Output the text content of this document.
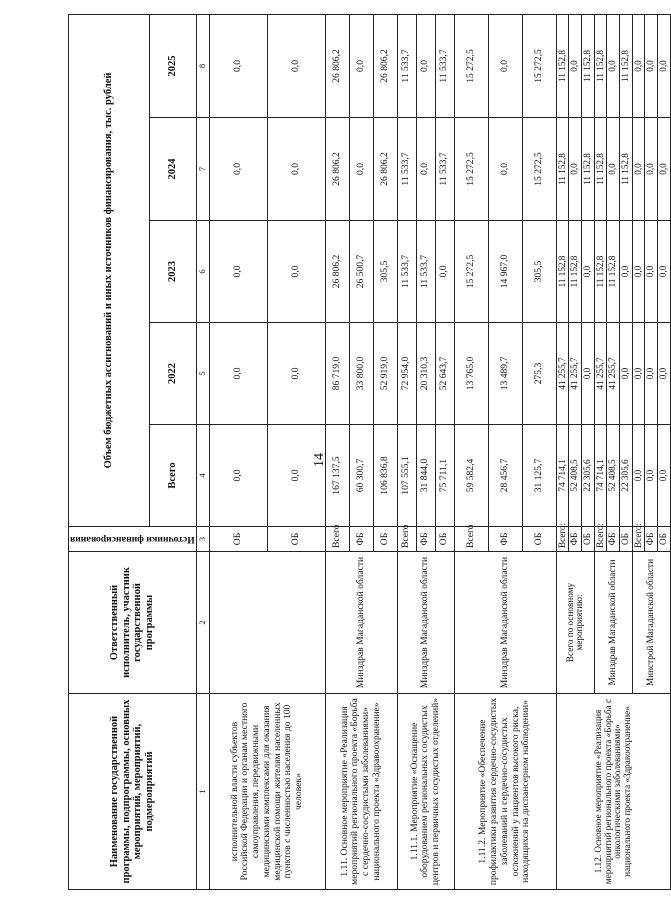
14
Наименование государственной программы, подпрограммы, основных мероприятий, мероприятий, подмероприятий	Ответственный исполнитель, участник государственной программы	Источники финансирования	Объем бюджетных ассигнований и иных источников финансирования, тыс. рублей				
			Всего	2022	2023	2024	2025
1	2	3	4	5	6	7	8
исполнительной власти субъектов Российской Федерации и органам местного самоуправления, передвижными медицинскими комплексами для оказания медицинской помощи жителям населенных пунктов с численностью населения до 100 человек»		ОБ	0,0	0,0	0,0	0,0	0,0
		ОБ	0,0	0,0	0,0	0,0	0,0
1.11. Основное мероприятие «Реализация мероприятий регионального проекта «Борьба с сердечно-сосудистыми заболеваниями» национального проекта «Здравоохранение»	Минздрав Магаданской области	Всего	167 137,5	86 719,0	26 806,2	26 806,2	26 806,2
		ФБ	60 300,7	33 800,0	26 500,7	0,0	0,0
		ОБ	106 836,8	52 919,0	305,5	26 806,2	26 806,2
1.11.1. Мероприятие «Оснащение оборудованием региональных сосудистых центров и первичных сосудистых отделений»	Минздрав Магаданской области	Всего	107 555,1	72 954,0	11 533,7	11 533,7	11 533,7
		ФБ	31 844,0	20 310,3	11 533,7	0,0	0,0
		ОБ	75 711,1	52 643,7	0,0	11 533,7	11 533,7
1.11.2. Мероприятие «Обеспечение профилактики развития сердечно-сосудистых заболеваний и сердечно-сосудистых осложнений у пациентов высокого риска, находящихся на диспансерном наблюдении»	Минздрав Магаданской области	Всего	59 582,4	13 765,0	15 272,5	15 272,5	15 272,5
		ФБ	28 456,7	13 489,7	14 967,0	0,0	0,0
		ОБ	31 125,7	275,3	305,5	15 272,5	15 272,5
1.12. Основное мероприятие «Реализация мероприятий регионального проекта «Борьба с онкологическими заболеваниями» национального проекта «Здравоохранение»	Всего по основному мероприятию:	Всего:	74 714,1	41 255,7	11 152,8	11 152,8	11 152,8
		ФБ	52 408,5	41 255,7	11 152,8	0,0	0,0
		ОБ	22 305,6	0,0	0,0	11 152,8	11 152,8
	Минздрав Магаданской области	Всего:	74 714,1	41 255,7	11 152,8	11 152,8	11 152,8
		ФБ	52 408,5	41 255,7	11 152,8	0,0	0,0
		ОБ	22 305,6	0,0	0,0	11 152,8	11 152,8
	Минстрой Магаданской области	Всего:	0,0	0,0	0,0	0,0	0,0
		ФБ	0,0	0,0	0,0	0,0	0,0
		ОБ	0,0	0,0	0,0	0,0	0,0
